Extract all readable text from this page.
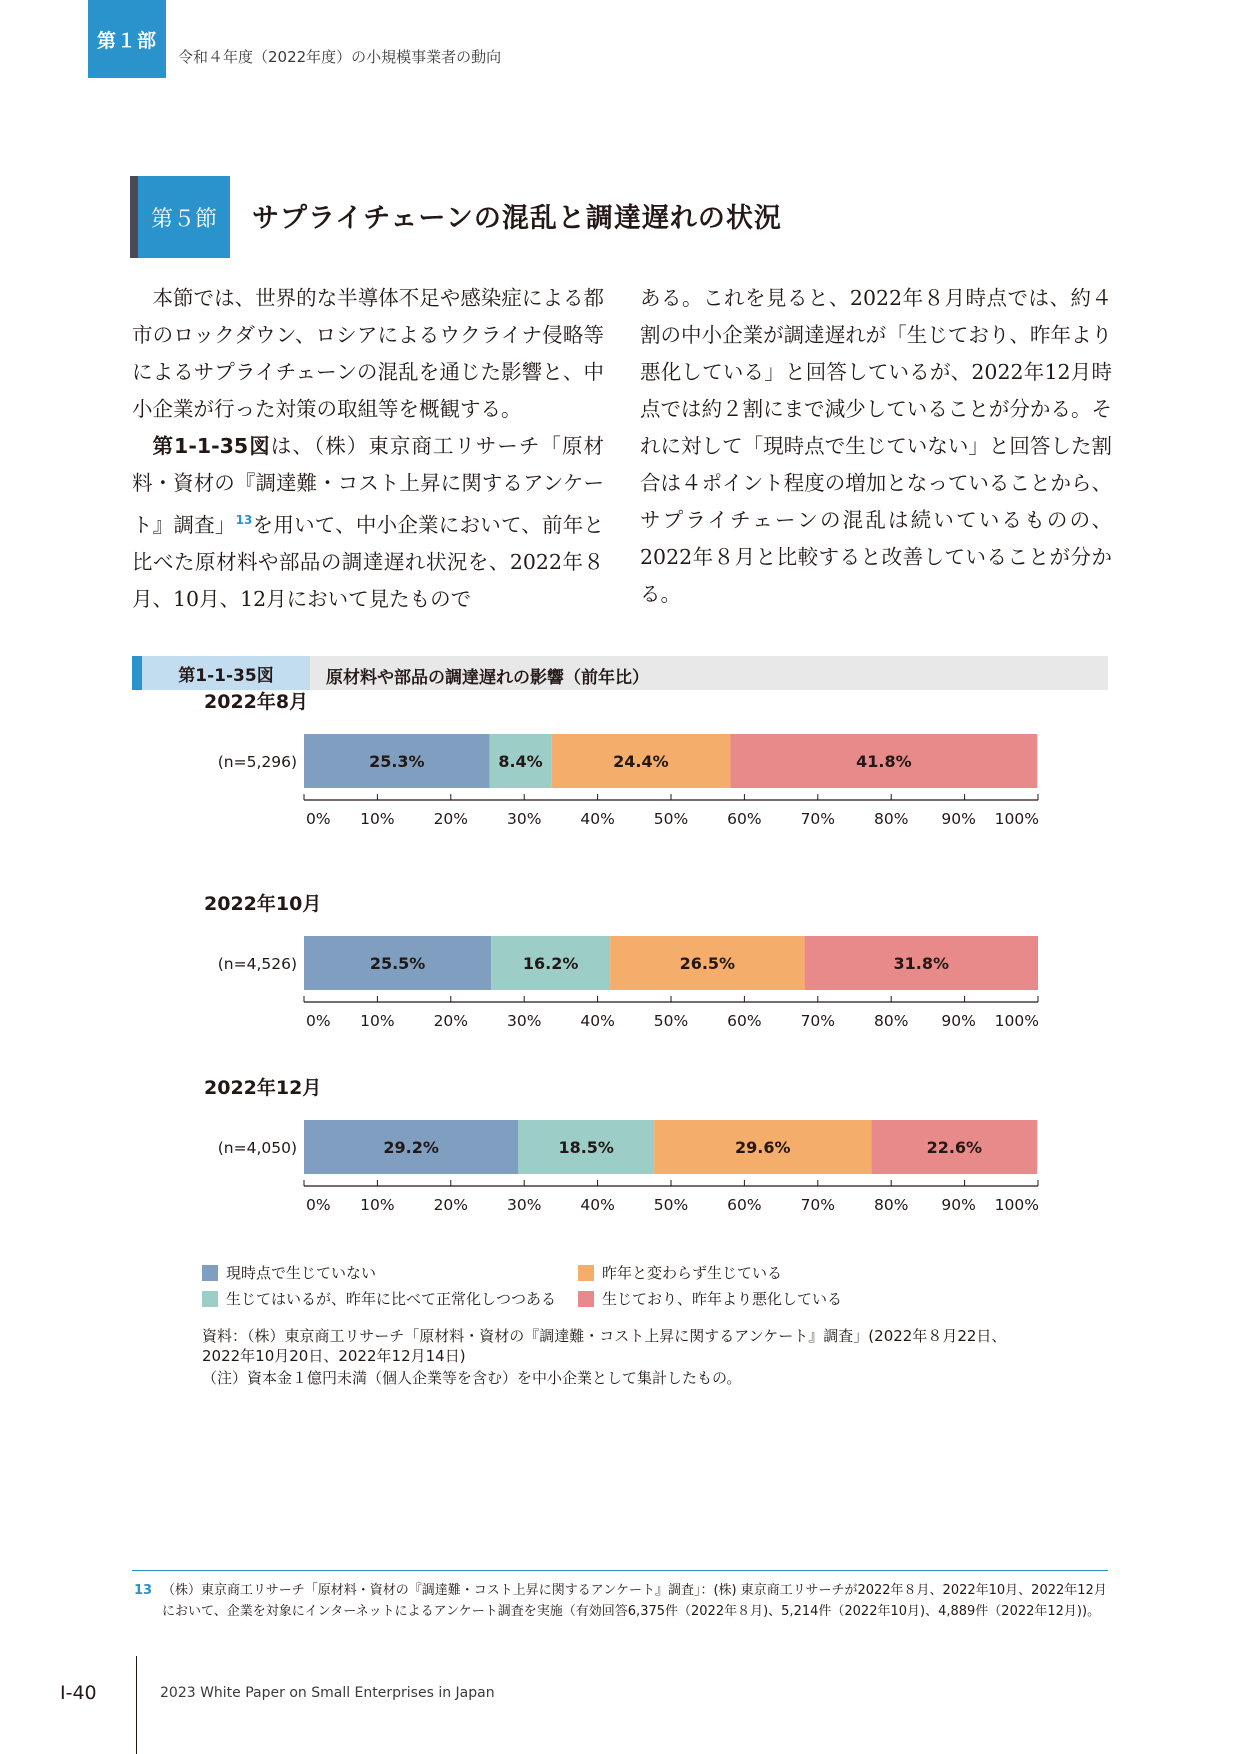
第１部
令和４年度（2022年度）の小規模事業者の動向
第５節	サプライチェーンの混乱と調達遅れの状況

本節では、世界的な半導体不足や感染症による都市のロックダウン、ロシアによるウクライナ侵略等によるサプライチェーンの混乱を通じた影響と、中小企業が行った対策の取組等を概観する。

第1-1-35図は、（株）東京商工リサーチ「原材料・資材の『調達難・コスト上昇に関するアンケート』調査」$^{13}$を用いて、中小企業において、前年と比べた原材料や部品の調達遅れ状況を、2022年８月、10月、12月において見たもので

ある。これを見ると、2022年８月時点では、約４割の中小企業が調達遅れが「生じており、昨年より悪化している」と回答しているが、2022年12月時点では約２割にまで減少していることが分かる。それに対して「現時点で生じていない」と回答した割合は４ポイント程度の増加となっていることから、サプライチェーンの混乱は続いているものの、2022年８月と比較すると改善していることが分かる。

第1-1-35図	原材料や部品の調達遅れの影響（前年比）
2022年8月
(n=5,296)	25.3%	8.4%	24.4%	41.8%
0% 10%	20%	30%	40%	50%	60%	70%	80% 90% 100%
2022年10月
(n=4,526)	25.5%	16.2%	26.5%	31.8%
0% 10%	20%	30%	40%	50%	60%	70%	80% 90% 100%
2022年12月
(n=4,050)	29.2%	18.5%	29.6%	22.6%
0% 10%	20%	30%	40%	50%	60%	70%	80% 90% 100%
現時点で生じていない
生じてはいるが、昨年に比べて正常化しつつある
昨年と変わらず生じている
生じており、昨年より悪化している
資料：（株）東京商工リサーチ「原材料・資材の『調達難・コスト上昇に関するアンケート』調査」(2022年８月22日、2022年10月20日、2022年12月14日)
（注）資本金１億円未満（個人企業等を含む）を中小企業として集計したもの。
13 （株）東京商工リサーチ「原材料・資材の『調達難・コスト上昇に関するアンケート』調査」：(株) 東京商工リサーチが2022年８月、2022年10月、2022年12月において、企業を対象にインターネットによるアンケート調査を実施（有効回答6,375件（2022年８月)、5,214件（2022年10月)、4,889件（2022年12月))。
Ⅰ-40	2023 White Paper on Small Enterprises in Japan
